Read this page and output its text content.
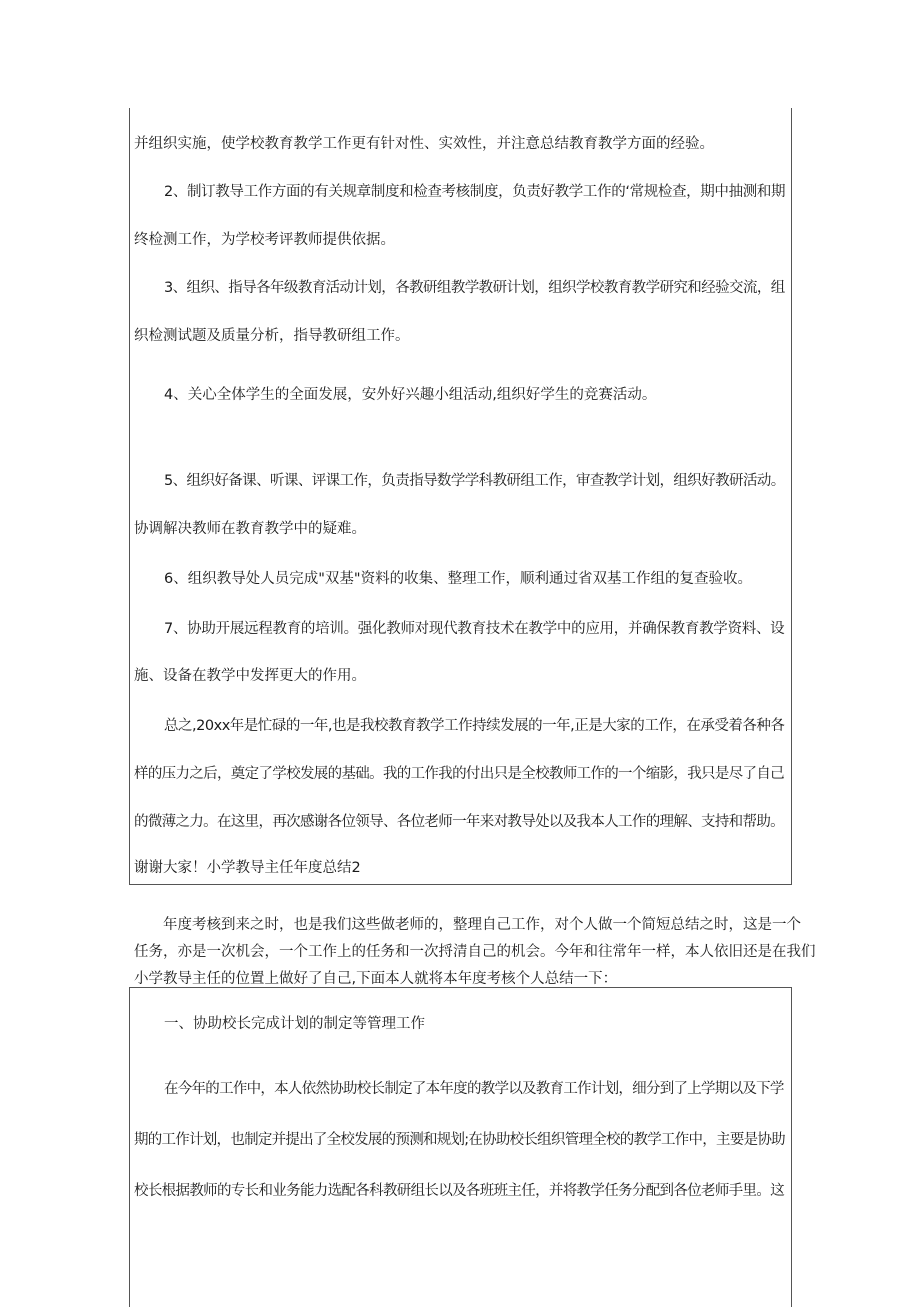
并组织实施，使学校教育教学工作更有针对性、实效性，并注意总结教育教学方面的经验。
2、制订教导工作方面的有关规章制度和检查考核制度，负责好教学工作的‘常规检查，期中抽测和期
终检测工作，为学校考评教师提供依据。
3、组织、指导各年级教育活动计划，各教研组教学教研计划，组织学校教育教学研究和经验交流，组
织检测试题及质量分析，指导教研组工作。
4、关心全体学生的全面发展，安外好兴趣小组活动,组织好学生的竞赛活动。
5、组织好备课、听课、评课工作，负责指导数学学科教研组工作，审查教学计划，组织好教研活动。
协调解决教师在教育教学中的疑难。
6、组织教导处人员完成"双基"资料的收集、整理工作，顺利通过省双基工作组的复查验收。
7、协助开展远程教育的培训。强化教师对现代教育技术在教学中的应用，并确保教育教学资料、设
施、设备在教学中发挥更大的作用。
总之,20xx年是忙碌的一年,也是我校教育教学工作持续发展的一年,正是大家的工作，在承受着各种各
样的压力之后，奠定了学校发展的基础。我的工作我的付出只是全校教师工作的一个缩影，我只是尽了自己
的微薄之力。在这里，再次感谢各位领导、各位老师一年来对教导处以及我本人工作的理解、支持和帮助。
谢谢大家！小学教导主任年度总结2
年度考核到来之时，也是我们这些做老师的，整理自己工作，对个人做一个简短总结之时，这是一个
任务，亦是一次机会，一个工作上的任务和一次捋清自己的机会。今年和往常年一样，本人依旧还是在我们
小学教导主任的位置上做好了自己,下面本人就将本年度考核个人总结一下：
一、协助校长完成计划的制定等管理工作
在今年的工作中，本人依然协助校长制定了本年度的教学以及教育工作计划，细分到了上学期以及下学
期的工作计划，也制定并提出了全校发展的预测和规划;在协助校长组织管理全校的教学工作中，主要是协助
校长根据教师的专长和业务能力选配各科教研组长以及各班班主任，并将教学任务分配到各位老师手里。这
